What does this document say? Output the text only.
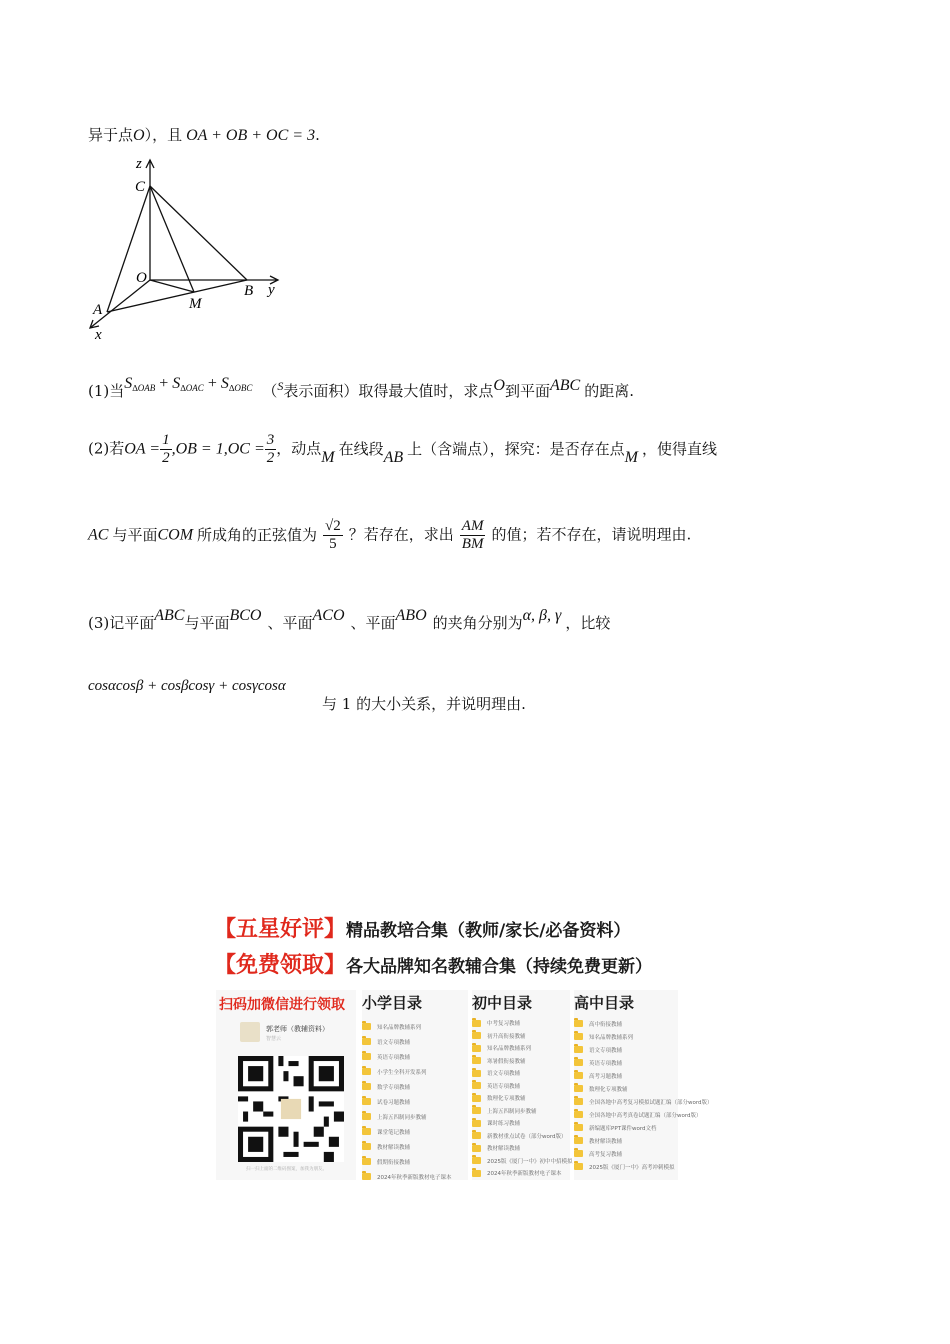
异于点O），且 OA + OB + OC = 3.
z
C
O
B y
A	M
x
(1)当$S_{\Delta OAB} + S_{\Delta OAC} + S_{\Delta OBC}$ （$^S$表示面积）取得最大值时，求点O到平面ABC 的距离.
(2)若OA = $\frac{1}{2} ,OB = 1,OC = \frac{3}{2}$ ，动点M 在线段AB 上（含端点），探究：是否存在点M ，使得直线
AC 与平面COM 所成角的正弦值为 $\frac{√2}{5}$ ？若存在，求出 $\frac{AM}{BM}$ 的值；若不存在，请说明理由.
(3)记平面ABC与平面BCO 、平面ACO 、平面ABO 的夹角分别为α, β, γ ，比较
cosαcosβ + cosβcosγ + cosγcosα
与 1 的大小关系，并说明理由.
【五星好评】精品教培合集（教师/家长/必备资料）
【免费领取】各大品牌知名教辅合集（持续免费更新）
扫码加微信进行领取
郭老师（教辅资料）
智慧云
扫一扫上面的二维码图案，加我为朋友。
小学目录
知名品牌教辅系列
语文专项教辅
英语专项教辅
小学生全科开发系列
数学专项教辅
试卷习题教辅
上海五四制同步教辅
课堂笔记教辅
教材解读教辅
假期衔接教辅
2024年秋季新版教材电子课本
初中目录
中考复习教辅
初升高衔接教辅
知名品牌教辅系列
寒暑假衔接教辅
语文专项教辅
英语专项教辅
数理化专项教辅
上海五四制同步教辅
课时练习教辅
新教材重点试卷（部分word版）
教材解读教辅
2025版《厦门一中》初中中招模拟
2024年秋季新版教材电子课本
高中目录
高中衔接教辅
知名品牌教辅系列
语文专项教辅
英语专项教辅
高考习题教辅
数理化专项教辅
全国各地中高考复习模拟试题汇编（部分word版）
全国各地中高考真卷试题汇编（部分word版）
新编题库PPT课件word文档
教材解读教辅
高考复习教辅
2025版《厦门一中》高考冲刺模拟
